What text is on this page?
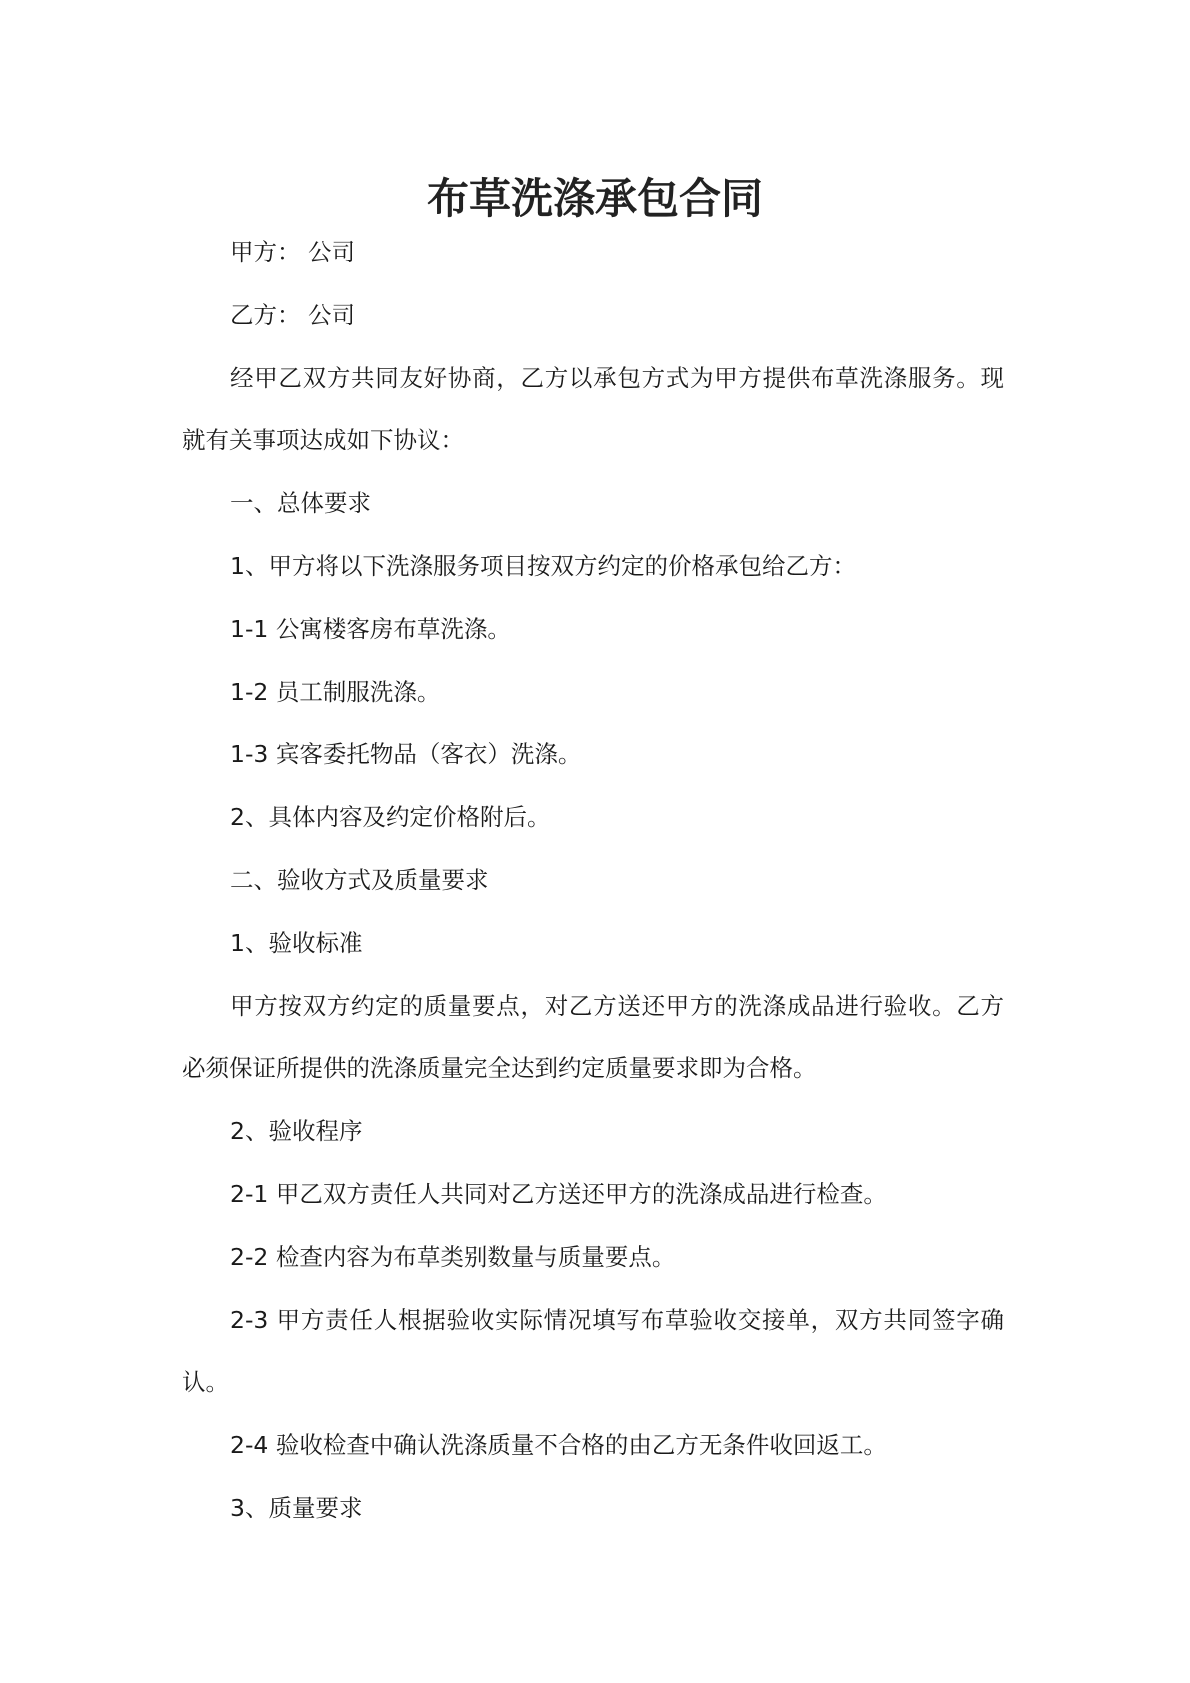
布草洗涤承包合同

甲方： 公司

乙方： 公司

经甲乙双方共同友好协商，乙方以承包方式为甲方提供布草洗涤服务。现就有关事项达成如下协议：

一、总体要求

1、甲方将以下洗涤服务项目按双方约定的价格承包给乙方：

1-1 公寓楼客房布草洗涤。

1-2 员工制服洗涤。

1-3 宾客委托物品（客衣）洗涤。

2、具体内容及约定价格附后。

二、验收方式及质量要求

1、验收标准

甲方按双方约定的质量要点，对乙方送还甲方的洗涤成品进行验收。乙方必须保证所提供的洗涤质量完全达到约定质量要求即为合格。

2、验收程序

2-1 甲乙双方责任人共同对乙方送还甲方的洗涤成品进行检查。

2-2 检查内容为布草类别数量与质量要点。

2-3 甲方责任人根据验收实际情况填写布草验收交接单，双方共同签字确认。

2-4 验收检查中确认洗涤质量不合格的由乙方无条件收回返工。

3、质量要求
